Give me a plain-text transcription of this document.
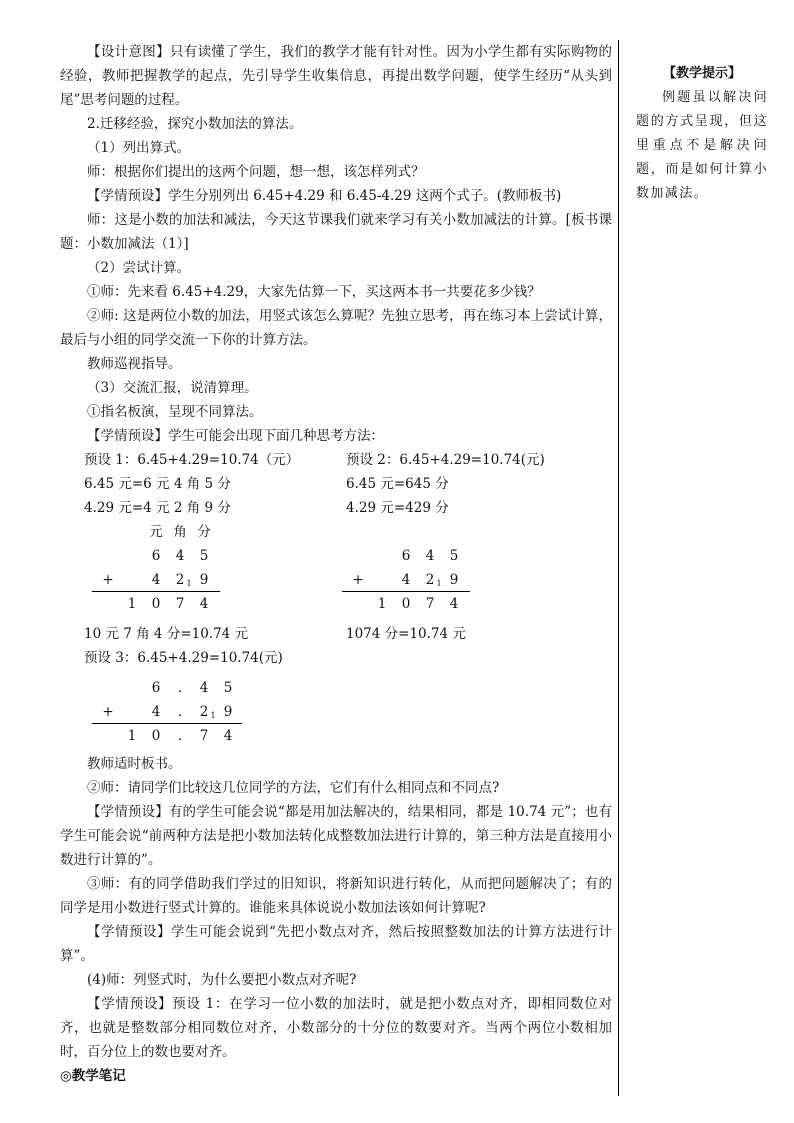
【设计意图】只有读懂了学生，我们的教学才能有针对性。因为小学生都有实际购物的经验，教师把握教学的起点，先引导学生收集信息，再提出数学问题，使学生经历“从头到尾”思考问题的过程。

2.迁移经验，探究小数加法的算法。

（1）列出算式。

师：根据你们提出的这两个问题，想一想，该怎样列式？

【学情预设】学生分别列出 6.45+4.29 和 6.45-4.29 这两个式子。(教师板书)

师：这是小数的加法和减法，今天这节课我们就来学习有关小数加减法的计算。[板书课题：小数加减法（1）]

（2）尝试计算。

①师：先来看 6.45+4.29，大家先估算一下，买这两本书一共要花多少钱？

②师: 这是两位小数的加法，用竖式该怎么算呢？先独立思考，再在练习本上尝试计算，最后与小组的同学交流一下你的计算方法。

教师巡视指导。

（3）交流汇报，说清算理。

①指名板演，呈现不同算法。

【学情预设】学生可能会出现下面几种思考方法：

预设 1：6.45+4.29=10.74（元）	预设 2：6.45+4.29=10.74(元)
6.45 元=6 元 4 角 5 分	6.45 元=645 分
4.29 元=4 元 2 角 9 分	4.29 元=429 分
元 角 分
6 4 5	6 4 5
+	4 2 1 9	+	4 2 1 9
1 0 7 4	1 0 7 4
10 元 7 角 4 分=10.74 元	1074 分=10.74 元
预设 3：6.45+4.29=10.74(元)
6	.	4 5
+	4	.	2 1 9
1 0	.	7 4

教师适时板书。

②师：请同学们比较这几位同学的方法，它们有什么相同点和不同点?

【学情预设】有的学生可能会说“都是用加法解决的，结果相同，都是 10.74 元”；也有学生可能会说“前两种方法是把小数加法转化成整数加法进行计算的，第三种方法是直接用小数进行计算的”。

③师：有的同学借助我们学过的旧知识，将新知识进行转化，从而把问题解决了；有的同学是用小数进行竖式计算的。谁能来具体说说小数加法该如何计算呢?

【学情预设】学生可能会说到“先把小数点对齐，然后按照整数加法的计算方法进行计算”。

(4)师：列竖式时，为什么要把小数点对齐呢?

【学情预设】预设 1：在学习一位小数的加法时，就是把小数点对齐，即相同数位对齐，也就是整数部分相同数位对齐，小数部分的十分位的数要对齐。当两个两位小数相加时，百分位上的数也要对齐。

◎教学笔记

【教学提示】

例题虽以解决问题的方式呈现，但这里重点不是解决问题，而是如何计算小数加减法。
